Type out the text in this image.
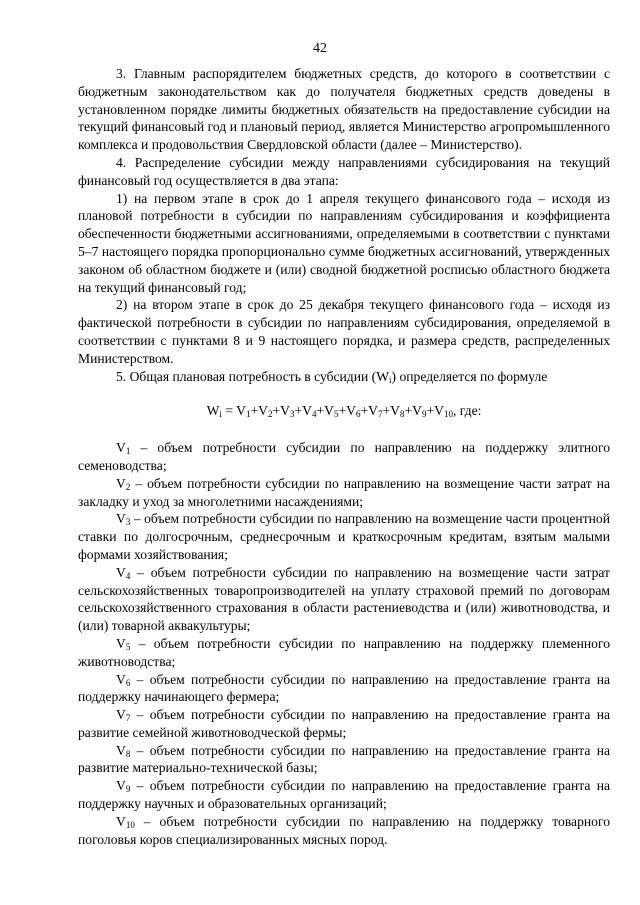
42

3. Главным распорядителем бюджетных средств, до которого в соответствии с бюджетным законодательством как до получателя бюджетных средств доведены в установленном порядке лимиты бюджетных обязательств на предоставление субсидии на текущий финансовый год и плановый период, является Министерство агропромышленного комплекса и продовольствия Свердловской области (далее – Министерство).

4. Распределение субсидии между направлениями субсидирования на текущий финансовый год осуществляется в два этапа:

1) на первом этапе в срок до 1 апреля текущего финансового года – исходя из плановой потребности в субсидии по направлениям субсидирования и коэффициента обеспеченности бюджетными ассигнованиями, определяемыми в соответствии с пунктами 5–7 настоящего порядка пропорционально сумме бюджетных ассигнований, утвержденных законом об областном бюджете и (или) сводной бюджетной росписью областного бюджета на текущий финансовый год;

2) на втором этапе в срок до 25 декабря текущего финансового года – исходя из фактической потребности в субсидии по направлениям субсидирования, определяемой в соответствии с пунктами 8 и 9 настоящего порядка, и размера средств, распределенных Министерством.

5. Общая плановая потребность в субсидии $(W_i)$ определяется по формуле

$W_i = V_1+V_2+V_3+V_4+V_5+V_6+V_7+V_8+V_9+V_{10}$, где:

$V_1$ – объем потребности субсидии по направлению на поддержку элитного семеноводства;

$V_2$ – объем потребности субсидии по направлению на возмещение части затрат на закладку и уход за многолетними насаждениями;

$V_3$ – объем потребности субсидии по направлению на возмещение части процентной ставки по долгосрочным, среднесрочным и краткосрочным кредитам, взятым малыми формами хозяйствования;

$V_4$ – объем потребности субсидии по направлению на возмещение части затрат сельскохозяйственных товаропроизводителей на уплату страховой премий по договорам сельскохозяйственного страхования в области растениеводства и (или) животноводства, и (или) товарной аквакультуры;

$V_5$ – объем потребности субсидии по направлению на поддержку племенного животноводства;

$V_6$ – объем потребности субсидии по направлению на предоставление гранта на поддержку начинающего фермера;

$V_7$ – объем потребности субсидии по направлению на предоставление гранта на развитие семейной животноводческой фермы;

$V_8$ – объем потребности субсидии по направлению на предоставление гранта на развитие материально-технической базы;

$V_9$ – объем потребности субсидии по направлению на предоставление гранта на поддержку научных и образовательных организаций;

$V_{10}$ – объем потребности субсидии по направлению на поддержку товарного поголовья коров специализированных мясных пород.
